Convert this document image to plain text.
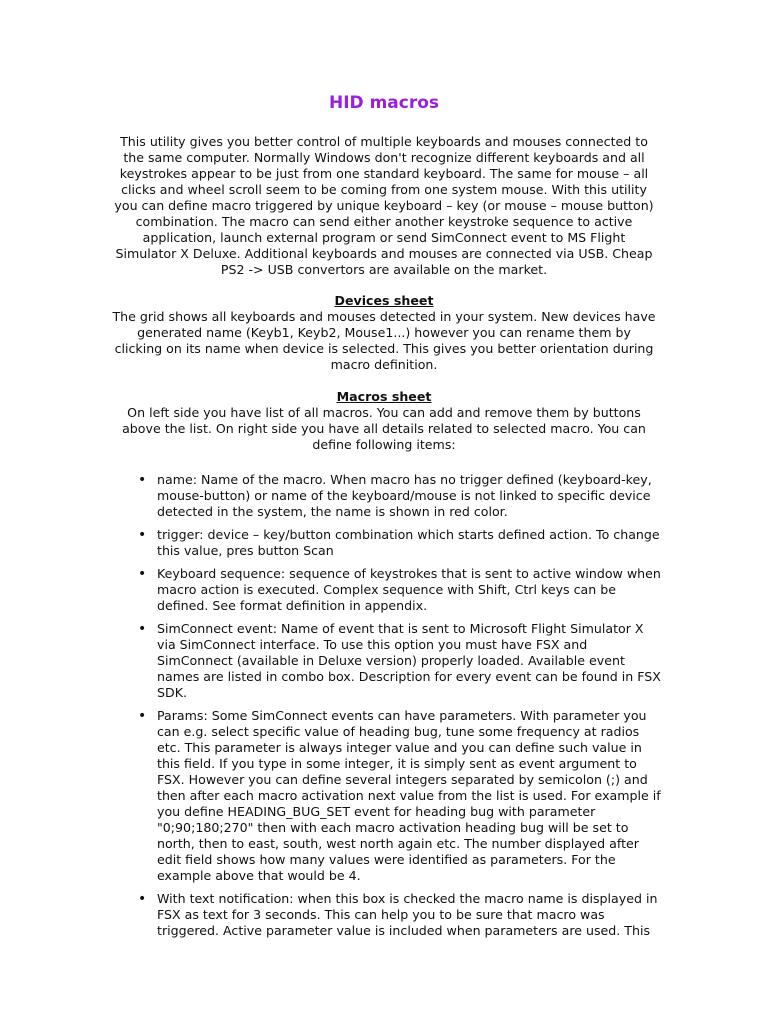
HID macros
This utility gives you better control of multiple keyboards and mouses connected to the same computer. Normally Windows don't recognize different keyboards and all keystrokes appear to be just from one standard keyboard. The same for mouse – all clicks and wheel scroll seem to be coming from one system mouse. With this utility you can define macro triggered by unique keyboard – key (or mouse – mouse button) combination. The macro can send either another keystroke sequence to active application, launch external program or send SimConnect event to MS Flight Simulator X Deluxe. Additional keyboards and mouses are connected via USB. Cheap PS2 -> USB convertors are available on the market.
Devices sheet
The grid shows all keyboards and mouses detected in your system. New devices have generated name (Keyb1, Keyb2, Mouse1...) however you can rename them by clicking on its name when device is selected. This gives you better orientation during macro definition.
Macros sheet
On left side you have list of all macros. You can add and remove them by buttons above the list. On right side you have all details related to selected macro. You can define following items:
• name: Name of the macro. When macro has no trigger defined (keyboard-key, mouse-button) or name of the keyboard/mouse is not linked to specific device detected in the system, the name is shown in red color.
• trigger: device – key/button combination which starts defined action. To change this value, pres button Scan
• Keyboard sequence: sequence of keystrokes that is sent to active window when macro action is executed. Complex sequence with Shift, Ctrl keys can be defined. See format definition in appendix.
• SimConnect event: Name of event that is sent to Microsoft Flight Simulator X via SimConnect interface. To use this option you must have FSX and SimConnect (available in Deluxe version) properly loaded. Available event names are listed in combo box. Description for every event can be found in FSX SDK.
• Params: Some SimConnect events can have parameters. With parameter you can e.g. select specific value of heading bug, tune some frequency at radios etc. This parameter is always integer value and you can define such value in this field. If you type in some integer, it is simply sent as event argument to FSX. However you can define several integers separated by semicolon (;) and then after each macro activation next value from the list is used. For example if you define HEADING_BUG_SET event for heading bug with parameter "0;90;180;270" then with each macro activation heading bug will be set to north, then to east, south, west north again etc. The number displayed after edit field shows how many values were identified as parameters. For the example above that would be 4.
• With text notification: when this box is checked the macro name is displayed in FSX as text for 3 seconds. This can help you to be sure that macro was triggered. Active parameter value is included when parameters are used. This
